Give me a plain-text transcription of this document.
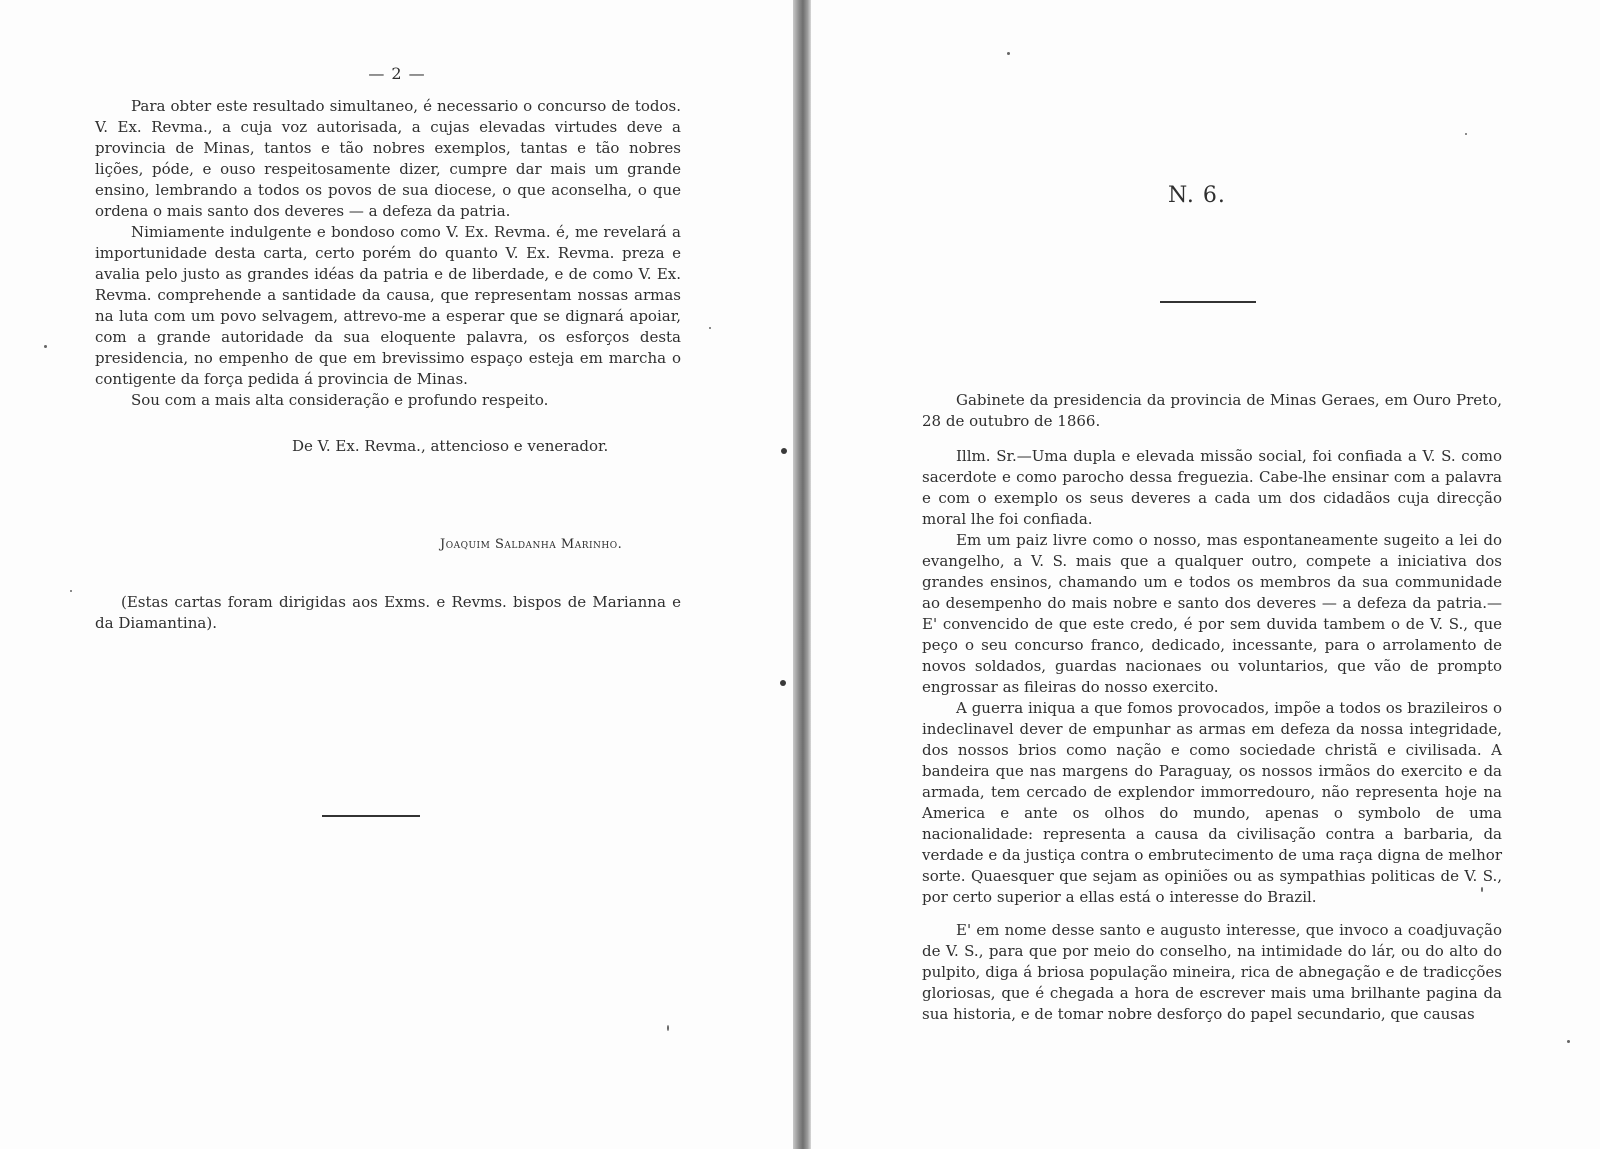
— 2 —

Para obter este resultado simultaneo, é necessario o concurso de todos. V. Ex. Revma., a cuja voz autorisada, a cujas elevadas virtudes deve a provincia de Minas, tantos e tão nobres exemplos, tantas e tão nobres lições, póde, e ouso respeitosamente dizer, cumpre dar mais um grande ensino, lembrando a todos os povos de sua diocese, o que aconselha, o que ordena o mais santo dos deveres — a defeza da patria.

Nimiamente indulgente e bondoso como V. Ex. Revma. é, me revelará a importunidade desta carta, certo porém do quanto V. Ex. Revma. preza e avalia pelo justo as grandes idéas da patria e de liberdade, e de como V. Ex. Revma. comprehende a santidade da causa, que representam nossas armas na luta com um povo selvagem, attrevo-me a esperar que se dignará apoiar, com a grande autoridade da sua eloquente palavra, os esforços desta presidencia, no empenho de que em brevissimo espaço esteja em marcha o contigente da força pedida á provincia de Minas.

Sou com a mais alta consideração e profundo respeito.
De V. Ex. Revma., attencioso e venerador.
Joaquim Saldanha Marinho.
(Estas cartas foram dirigidas aos Exms. e Revms. bispos de Marianna e da Diamantina).
N. 6.

Gabinete da presidencia da provincia de Minas Geraes, em Ouro Preto, 28 de outubro de 1866.

Illm. Sr.—Uma dupla e elevada missão social, foi confiada a V. S. como sacerdote e como parocho dessa freguezia. Cabe-lhe ensinar com a palavra e com o exemplo os seus deveres a cada um dos cidadãos cuja direcção moral lhe foi confiada.

Em um paiz livre como o nosso, mas espontaneamente sugeito a lei do evangelho, a V. S. mais que a qualquer outro, compete a iniciativa dos grandes ensinos, chamando um e todos os membros da sua communidade ao desempenho do mais nobre e santo dos deveres — a defeza da patria.— E' convencido de que este credo, é por sem duvida tambem o de V. S., que peço o seu concurso franco, dedicado, incessante, para o arrolamento de novos soldados, guardas nacionaes ou voluntarios, que vão de prompto engrossar as fileiras do nosso exercito.

A guerra iniqua a que fomos provocados, impõe a todos os brazileiros o indeclinavel dever de empunhar as armas em defeza da nossa integridade, dos nossos brios como nação e como sociedade christã e civilisada. A bandeira que nas margens do Paraguay, os nossos irmãos do exercito e da armada, tem cercado de explendor immorredouro, não representa hoje na America e ante os olhos do mundo, apenas o symbolo de uma nacionalidade: representa a causa da civilisação contra a barbaria, da verdade e da justiça contra o embrutecimento de uma raça digna de melhor sorte. Quaesquer que sejam as opiniões ou as sympathias politicas de V. S., por certo superior a ellas está o interesse do Brazil.

E' em nome desse santo e augusto interesse, que invoco a coadjuvação de V. S., para que por meio do conselho, na intimidade do lár, ou do alto do pulpito, diga á briosa população mineira, rica de abnegação e de tradicções gloriosas, que é chegada a hora de escrever mais uma brilhante pagina da sua historia, e de tomar nobre desforço do papel secundario, que causas
